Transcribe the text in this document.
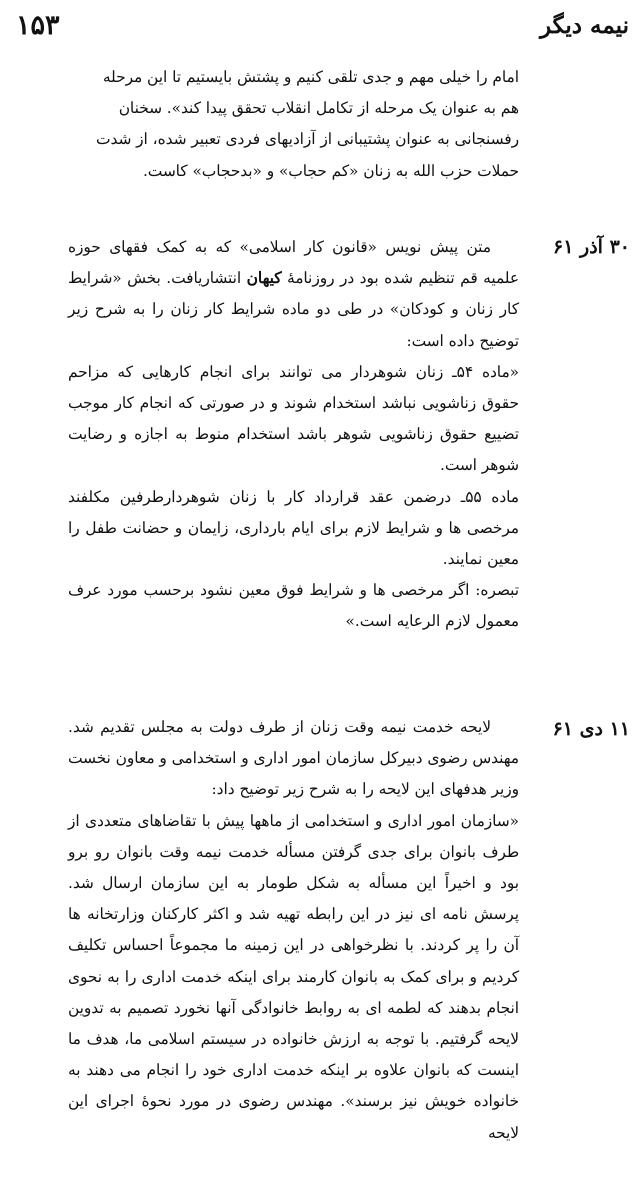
۱۵۳	نیمه دیگر

امام را خیلی مهم و جدی تلقی کنیم و پشتش بایستیم تا این مرحله

هم به عنوان یک مرحله از تکامل انقلاب تحقق پیدا کند». سخنان

رفسنجانی به عنوان پشتیبانی از آزادیهای فردی تعبیر شده، از شدت

حملات حزب الله به زنان «کم حجاب» و «بدحجاب» کاست.

۳۰ آذر ۶۱

متن پیش نویس «قانون کار اسلامی» که به کمک فقهای حوزه علمیه قم تنظیم شده بود در روزنامهٔ کیهان انتشاریافت. بخش «شرایط کار زنان و کودکان» در طی دو ماده شرایط کار زنان را به شرح زیر توضیح داده است:

«ماده ۵۴ـ زنان شوهردار می توانند برای انجام کارهایی که مزاحم حقوق زناشویی نباشد استخدام شوند و در صورتی که انجام کار موجب تضییع حقوق زناشویی شوهر باشد استخدام منوط به اجازه و رضایت شوهر است.

ماده ۵۵ـ درضمن عقد قرارداد کار با زنان شوهردارطرفین مکلفند مرخصی ها و شرایط لازم برای ایام بارداری، زایمان و حضانت طفل را معین نمایند.

تبصره: اگر مرخصی ها و شرایط فوق معین نشود برحسب مورد عرف معمول لازم الرعایه است.»

۱۱ دی ۶۱

لایحه خدمت نیمه وقت زنان از طرف دولت به مجلس تقدیم شد. مهندس رضوی دبیرکل سازمان امور اداری و استخدامی و معاون نخست وزیر هدفهای این لایحه را به شرح زیر توضیح داد:

«سازمان امور اداری و استخدامی از ماهها پیش با تقاضاهای متعددی از طرف بانوان برای جدی گرفتن مسأله خدمت نیمه وقت بانوان رو برو بود و اخیراً این مسأله به شکل طومار به این سازمان ارسال شد. پرسش نامه ای نیز در این رابطه تهیه شد و اکثر کارکنان وزارتخانه ها آن را پر کردند. با نظرخواهی در این زمینه ما مجموعاً احساس تکلیف کردیم و برای کمک به بانوان کارمند برای اینکه خدمت اداری را به نحوی انجام بدهند که لطمه ای به روابط خانوادگی آنها نخورد تصمیم به تدوین لایحه گرفتیم. با توجه به ارزش خانواده در سیستم اسلامی ما، هدف ما اینست که بانوان علاوه بر اینکه خدمت اداری خود را انجام می دهند به خانواده خویش نیز برسند». مهندس رضوی در مورد نحوهٔ اجرای این لایحه
